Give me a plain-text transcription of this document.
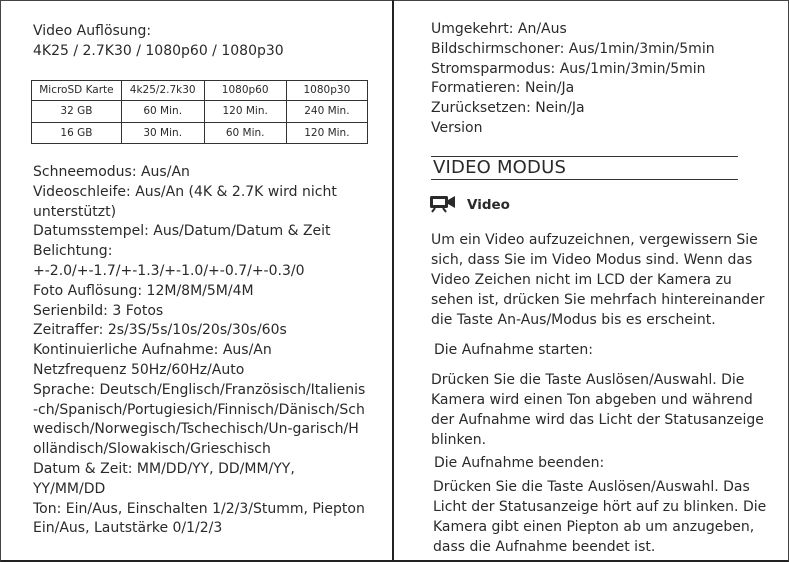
Video Auflösung:
4K25 / 2.7K30 / 1080p60 / 1080p30
MicroSD Karte	4k25/2.7k30	1080p60	1080p30
32 GB	60 Min.	120 Min.	240 Min.
16 GB	30 Min.	60 Min.	120 Min.
Schneemodus: Aus/An
Videoschleife: Aus/An (4K & 2.7K wird nicht unterstützt)
Datumsstempel: Aus/Datum/Datum & Zeit
Belichtung: +-2.0/+-1.7/+-1.3/+-1.0/+-0.7/+-0.3/0
Foto Auflösung: 12M/8M/5M/4M
Serienbild: 3 Fotos
Zeitraffer: 2s/3S/5s/10s/20s/30s/60s
Kontinuierliche Aufnahme: Aus/An Netzfrequenz 50Hz/60Hz/Auto
Sprache: Deutsch/Englisch/Französisch/Italienis-ch/Spanisch/Portugiesich/Finnisch/Dänisch/Schwedisch/Norwegisch/Tschechisch/Un-garisch/Holländisch/Slowakisch/Grieschisch
Datum & Zeit: MM/DD/YY, DD/MM/YY, YY/MM/DD
Ton: Ein/Aus, Einschalten 1/2/3/Stumm, Piepton Ein/Aus, Lautstärke 0/1/2/3
Umgekehrt: An/Aus
Bildschirmschoner: Aus/1min/3min/5min
Stromsparmodus: Aus/1min/3min/5min
Formatieren: Nein/Ja
Zurücksetzen: Nein/Ja
Version
VIDEO MODUS
Video

Um ein Video aufzuzeichnen, vergewissern Sie sich, dass Sie im Video Modus sind. Wenn das Video Zeichen nicht im LCD der Kamera zu sehen ist, drücken Sie mehrfach hintereinander die Taste An-Aus/Modus bis es erscheint.

Die Aufnahme starten:

Drücken Sie die Taste Auslösen/Auswahl. Die Kamera wird einen Ton abgeben und während der Aufnahme wird das Licht der Statusanzeige blinken.

Die Aufnahme beenden:

Drücken Sie die Taste Auslösen/Auswahl. Das Licht der Statusanzeige hört auf zu blinken. Die Kamera gibt einen Piepton ab um anzugeben, dass die Aufnahme beendet ist.
